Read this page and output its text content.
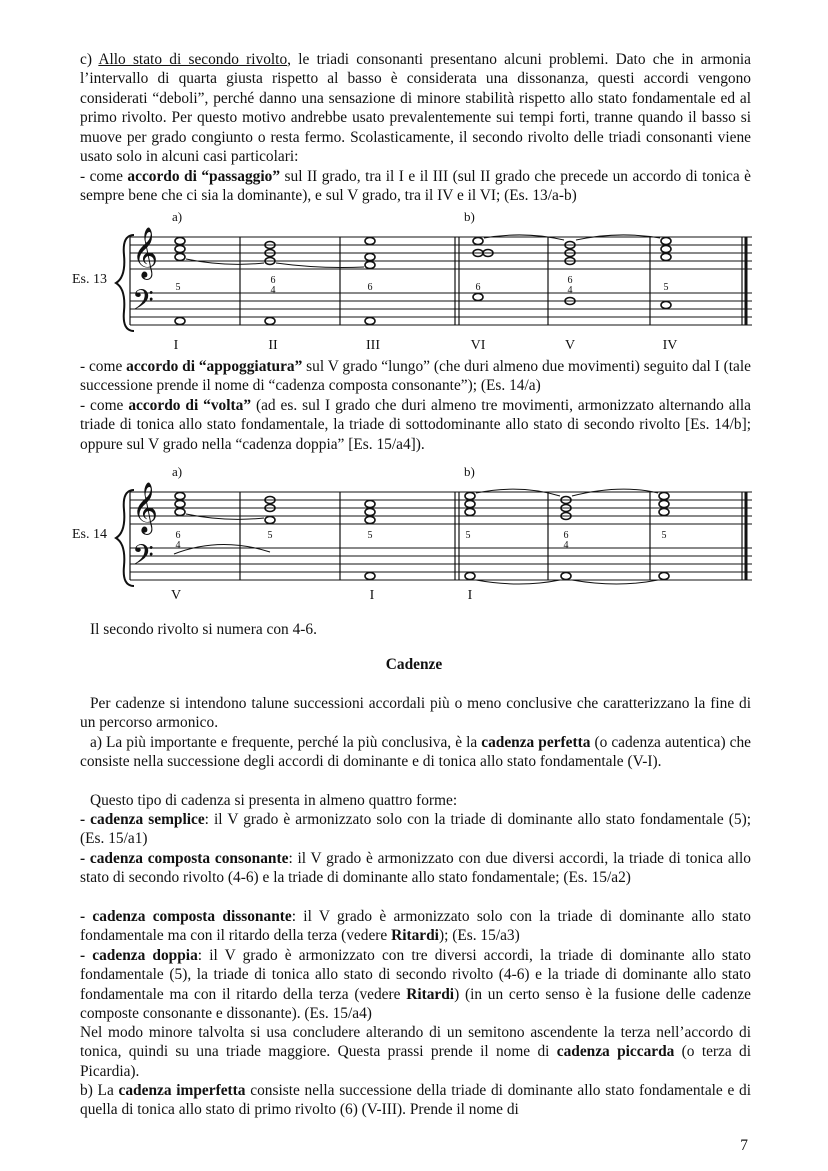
c) Allo stato di secondo rivolto, le triadi consonanti presentano alcuni problemi. Dato che in armonia l’intervallo di quarta giusta rispetto al basso è considerata una dissonanza, questi accordi vengono considerati “deboli”, perché danno una sensazione di minore stabilità rispetto allo stato fondamentale ed al primo rivolto. Per questo motivo andrebbe usato prevalentemente sui tempi forti, tranne quando il basso si muove per grado congiunto o resta fermo. Scolasticamente, il secondo rivolto delle triadi consonanti viene usato solo in alcuni casi particolari:

- come accordo di “passaggio” sul II grado, tra il I e il III (sul II grado che precede un accordo di tonica è sempre bene che ci sia la dominante), e sul V grado, tra il IV e il VI; (Es. 13/a-b)

Es. 13
a)	b)
𝄞
𝄢 5
6
4	6	6
6
4	5
I	II	III	VI	V	IV

- come accordo di “appoggiatura” sul V grado “lungo” (che duri almeno due movimenti) seguito dal I (tale successione prende il nome di “cadenza composta consonante”); (Es. 14/a)

- come accordo di “volta” (ad es. sul I grado che duri almeno tre movimenti, armonizzato alternando alla triade di tonica allo stato fondamentale, la triade di sottodominante allo stato di secondo rivolto [Es. 14/b]; oppure sul V grado nella “cadenza doppia” [Es. 15/a4]).

Es. 14
a)	b)
𝄞
𝄢
6
4
5	5	5	6
4
5
V	I	I

Il secondo rivolto si numera con 4-6.

Cadenze

Per cadenze si intendono talune successioni accordali più o meno conclusive che caratterizzano la fine di un percorso armonico.

a) La più importante e frequente, perché la più conclusiva, è la cadenza perfetta (o cadenza autentica) che consiste nella successione degli accordi di dominante e di tonica allo stato fondamentale (V-I).

Questo tipo di cadenza si presenta in almeno quattro forme:

- cadenza semplice: il V grado è armonizzato solo con la triade di dominante allo stato fondamentale (5); (Es. 15/a1)

- cadenza composta consonante: il V grado è armonizzato con due diversi accordi, la triade di tonica allo stato di secondo rivolto (4-6) e la triade di dominante allo stato fondamentale; (Es. 15/a2)

- cadenza composta dissonante: il V grado è armonizzato solo con la triade di dominante allo stato fondamentale ma con il ritardo della terza (vedere Ritardi); (Es. 15/a3)

- cadenza doppia: il V grado è armonizzato con tre diversi accordi, la triade di dominante allo stato fondamentale (5), la triade di tonica allo stato di secondo rivolto (4-6) e la triade di dominante allo stato fondamentale ma con il ritardo della terza (vedere Ritardi) (in un certo senso è la fusione delle cadenze composte consonante e dissonante). (Es. 15/a4)

Nel modo minore talvolta si usa concludere alterando di un semitono ascendente la terza nell’accordo di tonica, quindi su una triade maggiore. Questa prassi prende il nome di cadenza piccarda (o terza di Picardia).

b) La cadenza imperfetta consiste nella successione della triade di dominante allo stato fondamentale e di quella di tonica allo stato di primo rivolto (6) (V-III). Prende il nome di

7
